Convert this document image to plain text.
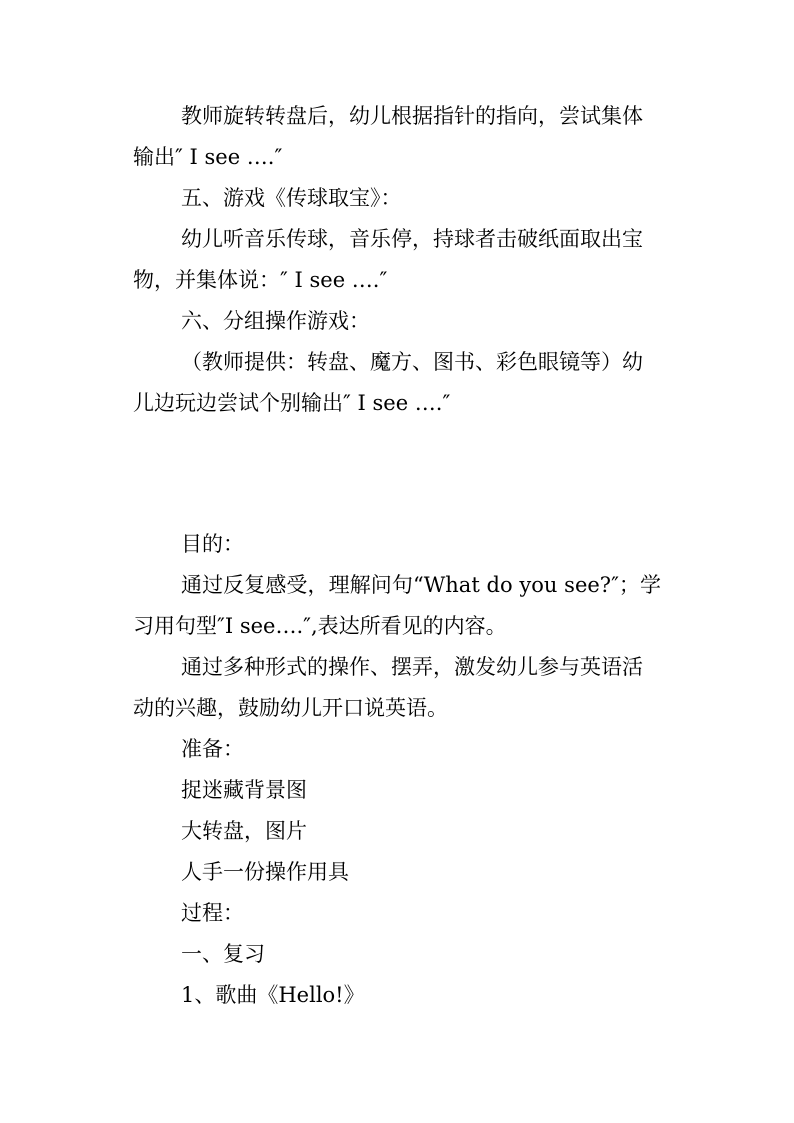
教师旋转转盘后，幼儿根据指针的指向，尝试集体输出″ I see ….″

五、游戏《传球取宝》：

幼儿听音乐传球，音乐停，持球者击破纸面取出宝物，并集体说：″ I see ….″

六、分组操作游戏：

（教师提供：转盘、魔方、图书、彩色眼镜等）幼儿边玩边尝试个别输出″ I see ….″

目的：

通过反复感受，理解问句“What do you see?″；学习用句型″I see….″,表达所看见的内容。

通过多种形式的操作、摆弄，激发幼儿参与英语活动的兴趣，鼓励幼儿开口说英语。

准备：

捉迷藏背景图

大转盘，图片

人手一份操作用具

过程：

一、复习

1、歌曲《Hello!》
